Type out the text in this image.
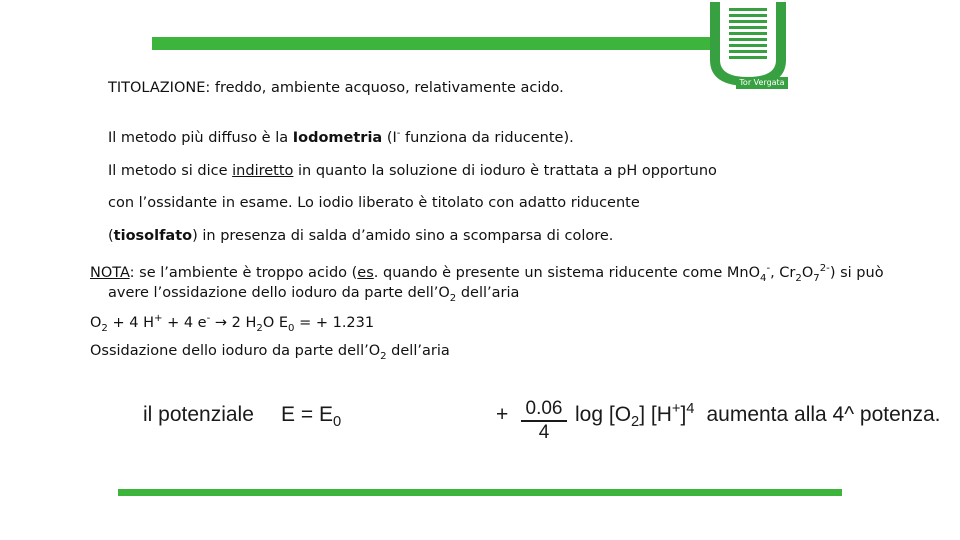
Tor Vergata
TITOLAZIONE: freddo, ambiente acquoso, relativamente acido.
Il metodo più diffuso è la Iodometria (I- funziona da riducente).
Il metodo si dice indiretto in quanto la soluzione di ioduro è trattata a pH opportuno
con l’ossidante in esame. Lo iodio liberato è titolato con adatto riducente
(tiosolfato) in presenza di salda d’amido sino a scomparsa di colore.
NOTA: se l’ambiente è troppo acido (es. quando è presente un sistema riducente come MnO$_4$-, $Cr_2O_7^{2-}$) si può
avere l’ossidazione dello ioduro da parte $dell’O_2$ dell’aria
$O_2 + 4$ H+ + 4 e- → 2 $H_2O$ $E_0$ = + 1.231
Ossidazione dello ioduro da parte $dell’O_2$ dell’aria
il potenziale $E = E_0$	+ $\frac{0.06}{4}$ $\log [O_2]$ $[H^+]^4$ aumenta alla 4^ potenza.
